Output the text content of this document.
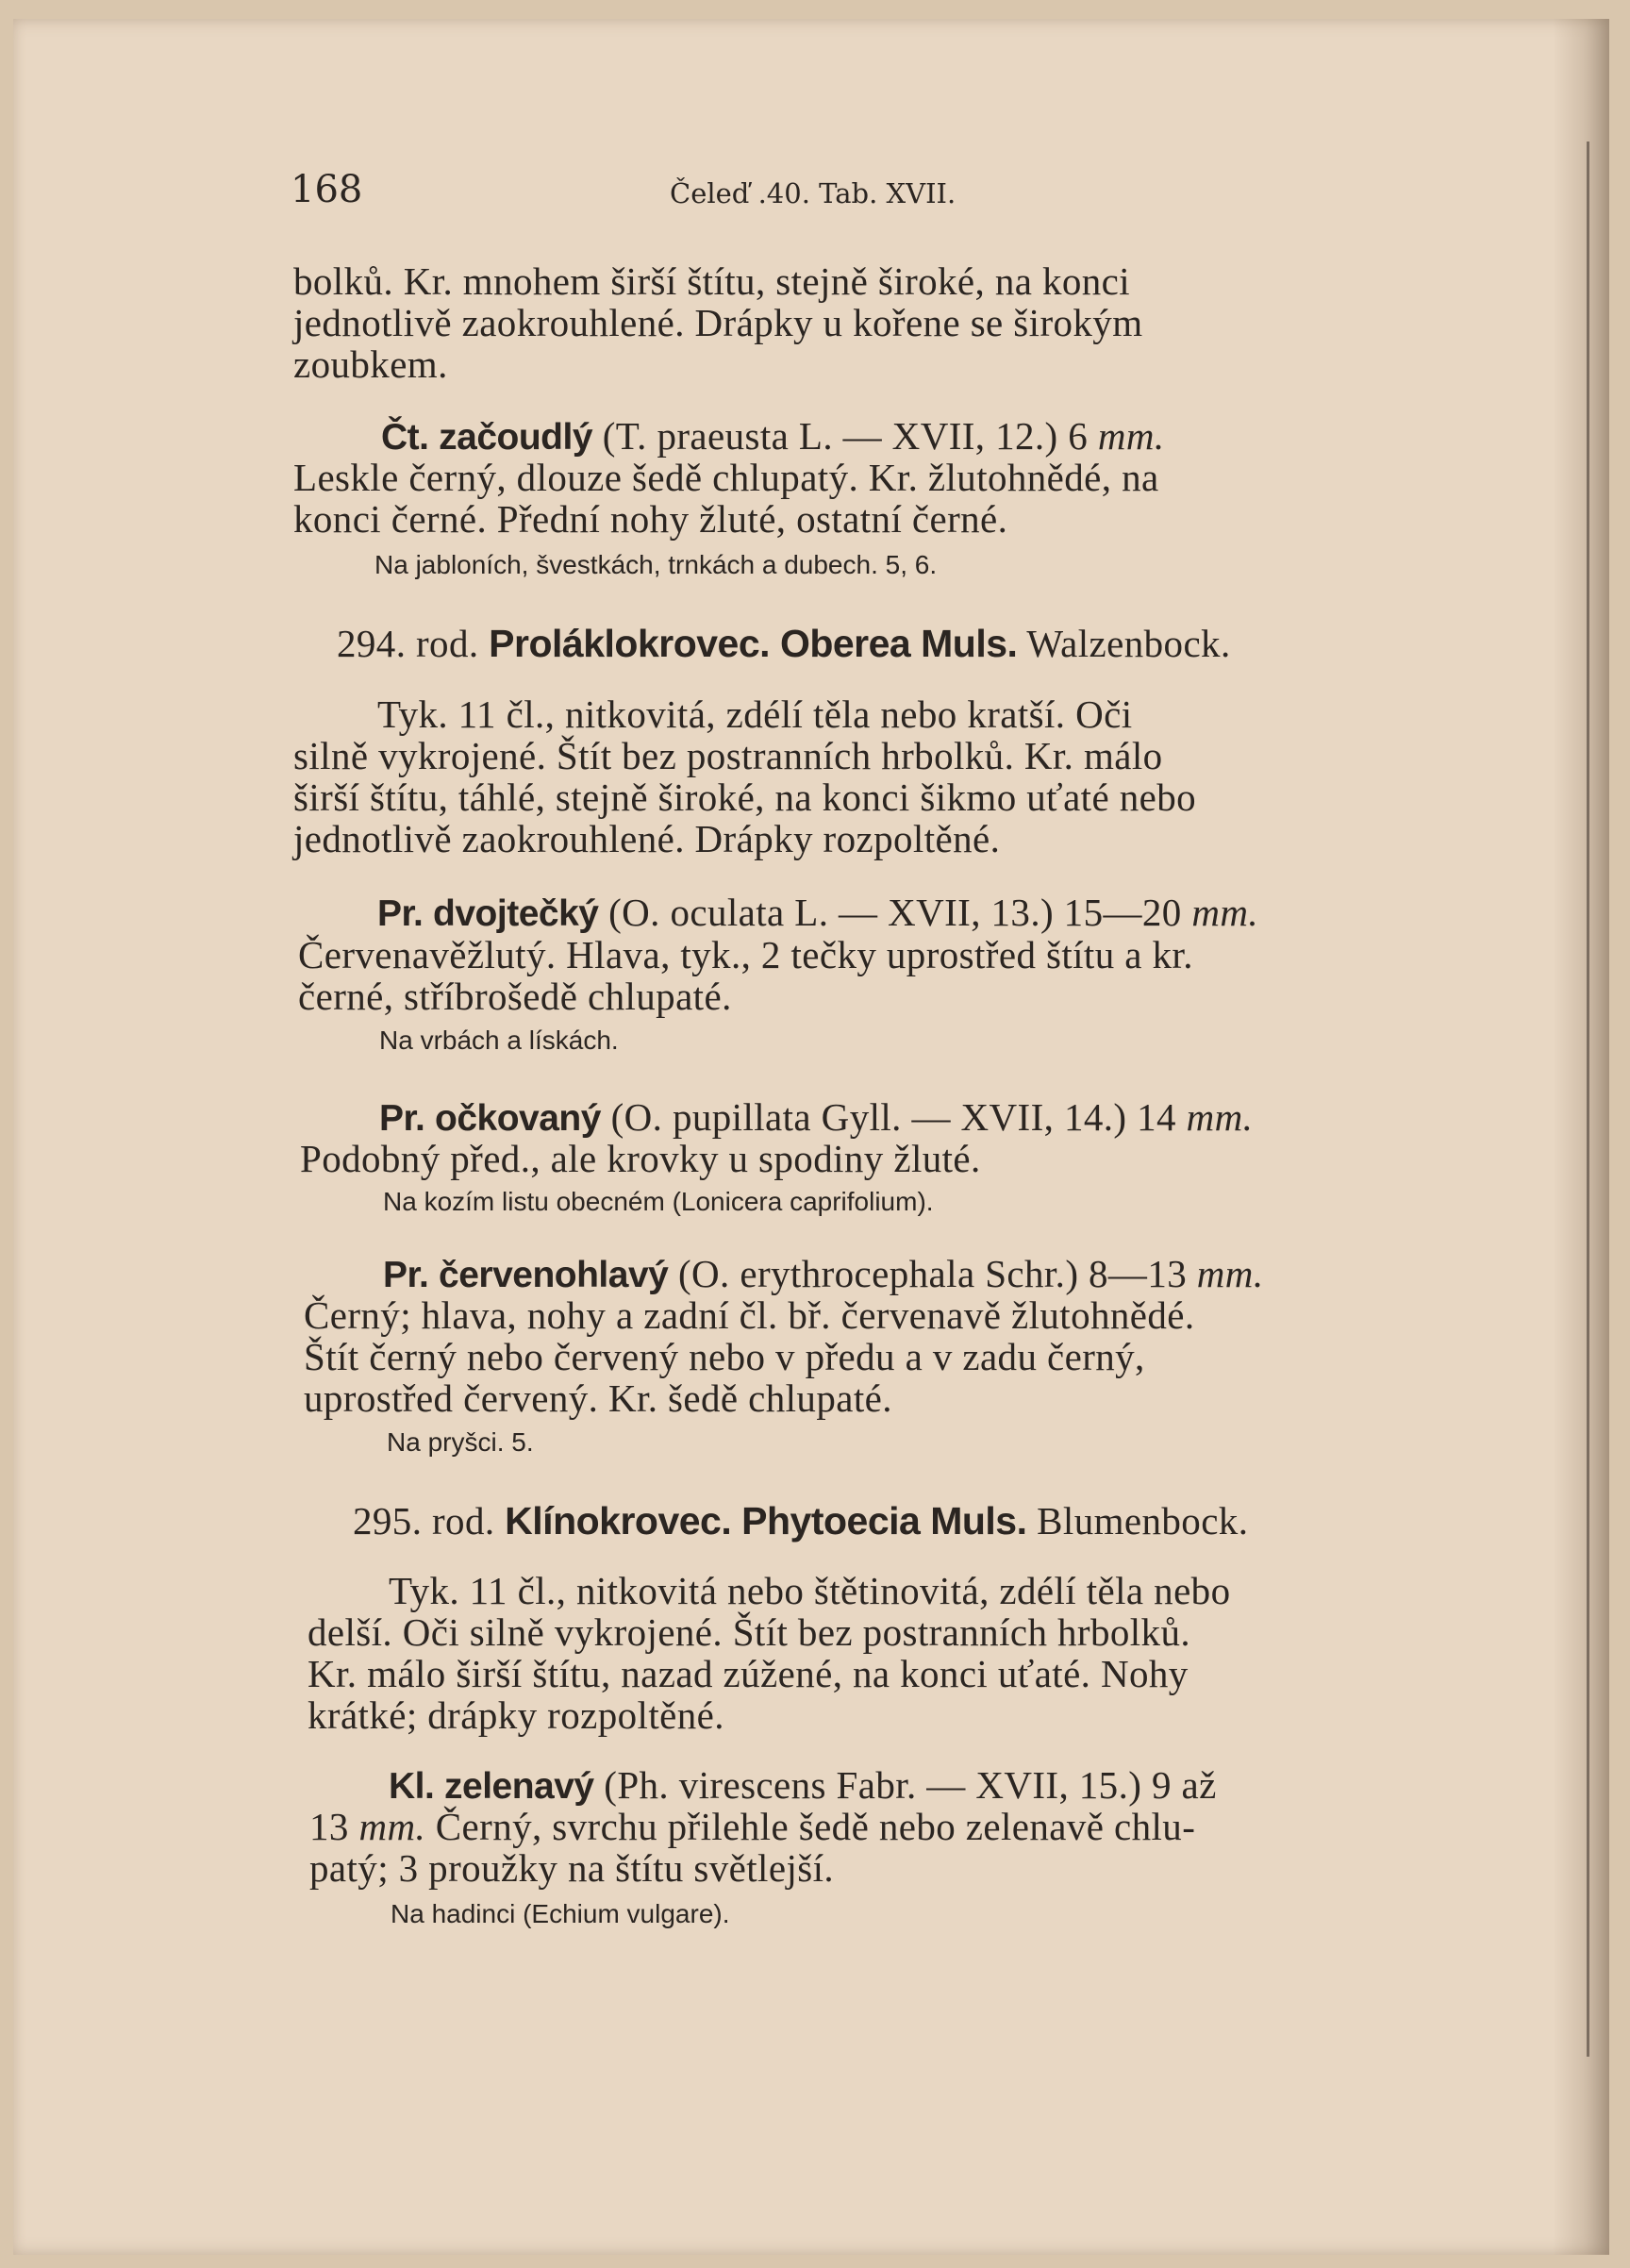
168	Čeleď .40. Tab. XVII.
bolků. Kr. mnohem širší štítu, stejně široké, na konci
jednotlivě zaokrouhlené. Drápky u kořene se širokým
zoubkem.
Čt. začoudlý (T. praeusta L. — XVII, 12.) 6 mm.
Leskle černý, dlouze šedě chlupatý. Kr. žlutohnědé, na
konci černé. Přední nohy žluté, ostatní černé.
Na jabloních, švestkách, trnkách a dubech. 5, 6.
294. rod. Proláklokrovec. Oberea Muls. Walzenbock.
Tyk. 11 čl., nitkovitá, zdélí těla nebo kratší. Oči
silně vykrojené. Štít bez postranních hrbolků. Kr. málo
širší štítu, táhlé, stejně široké, na konci šikmo uťaté nebo
jednotlivě zaokrouhlené. Drápky rozpoltěné.
Pr. dvojtečký (O. oculata L. — XVII, 13.) 15—20 mm.
Červenavěžlutý. Hlava, tyk., 2 tečky uprostřed štítu a kr.
černé, stříbrošedě chlupaté.
Na vrbách a lískách.
Pr. očkovaný (O. pupillata Gyll. — XVII, 14.) 14 mm.
Podobný před., ale krovky u spodiny žluté.
Na kozím listu obecném (Lonicera caprifolium).
Pr. červenohlavý (O. erythrocephala Schr.) 8—13 mm.
Černý; hlava, nohy a zadní čl. bř. červenavě žlutohnědé.
Štít černý nebo červený nebo v předu a v zadu černý,
uprostřed červený. Kr. šedě chlupaté.
Na pryšci. 5.
295. rod. Klínokrovec. Phytoecia Muls. Blumenbock.
Tyk. 11 čl., nitkovitá nebo štětinovitá, zdélí těla nebo
delší. Oči silně vykrojené. Štít bez postranních hrbolků.
Kr. málo širší štítu, nazad zúžené, na konci uťaté. Nohy
krátké; drápky rozpoltěné.
Kl. zelenavý (Ph. virescens Fabr. — XVII, 15.) 9 až
13 mm. Černý, svrchu přilehle šedě nebo zelenavě chlu-
patý; 3 proužky na štítu světlejší.
Na hadinci (Echium vulgare).
